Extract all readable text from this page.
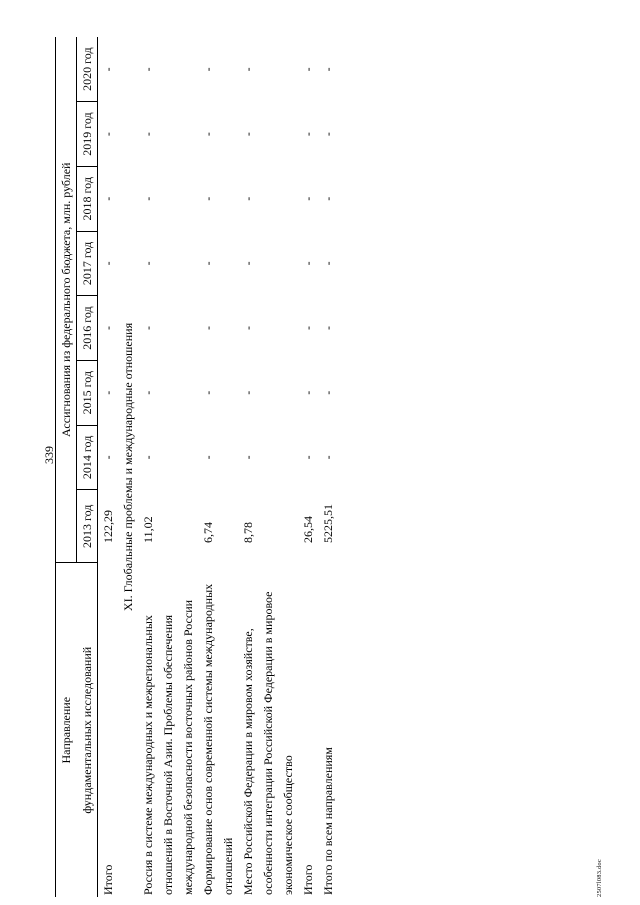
339
Направление	Ассигнования из федерального бюджета, млн. рублей							
фундаментальных исследований	2013 год	2014 год	2015 год	2016 год	2017 год	2018 год	2019 год	2020 год
Итого	122,29	-	-	-	-	-	-	-
XI. Глобальные проблемы и международные отношения								
Россия в системе международных и межрегиональных отношений в Восточной Азии. Проблемы обеспечения международной безопасности восточных районов России	11,02	-	-	-	-	-	-	-
Формирование основ современной системы международных отношений	6,74	-	-	-	-	-	-	-
Место Российской Федерации в мировом хозяйстве, особенности интеграции Российской Федерации в мировое экономическое сообщество	8,78	-	-	-	-	-	-	-
Итого	26,54	-	-	-	-	-	-	-
Итого по всем направлениям	5225,51	-	-	-	-	-	-	-
2507l083.doc
